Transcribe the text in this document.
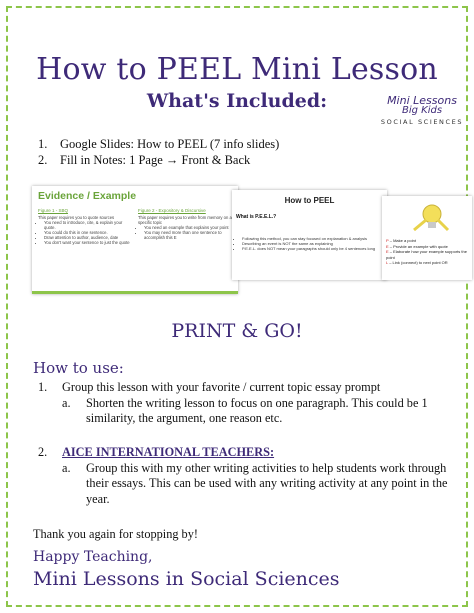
How to PEEL Mini Lesson
What's Included:	Mini Lessons
Big Kids
SOCIAL SCIENCES
1.	Google Slides: How to PEEL (7 info slides)
2.	Fill in Notes: 1 Page → Front & Back
Evidence / Example
Figure 1 - SBQ
This paper requires you to quote sources
• You need to introduce, cite, & explain your quote.
• You could do this in one sentence.
• Draw attention to author, audience, date
• You don't want your sentence to just the quote
Figure 2 - Expository & Discursive
This paper requires you to write from memory on a specific topic
• You need an example that explains your point
• You may need more than one sentence to accomplish this E
How to PEEL
What is P.E.E.L.?
• Following this method, you can stay focused on explanation & analysis
• Describing an event is NOT the same as explaining
• P.E.E.L. does NOT mean your paragraphs should only be 4 sentences long
P – Make a point
E – Provide an example with quote
E – Elaborate how your example supports the point
L – Link (connect) to next point OR
PRINT & GO!
How to use:
1.	Group this lesson with your favorite / current topic essay prompt
a.	Shorten the writing lesson to focus on one paragraph. This could be 1 similarity, the argument, one reason etc.
2.	AICE INTERNATIONAL TEACHERS:
a.	Group this with my other writing activities to help students work through their essays. This can be used with any writing activity at any point in the year.
Thank you again for stopping by!
Happy Teaching,
Mini Lessons in Social Sciences
